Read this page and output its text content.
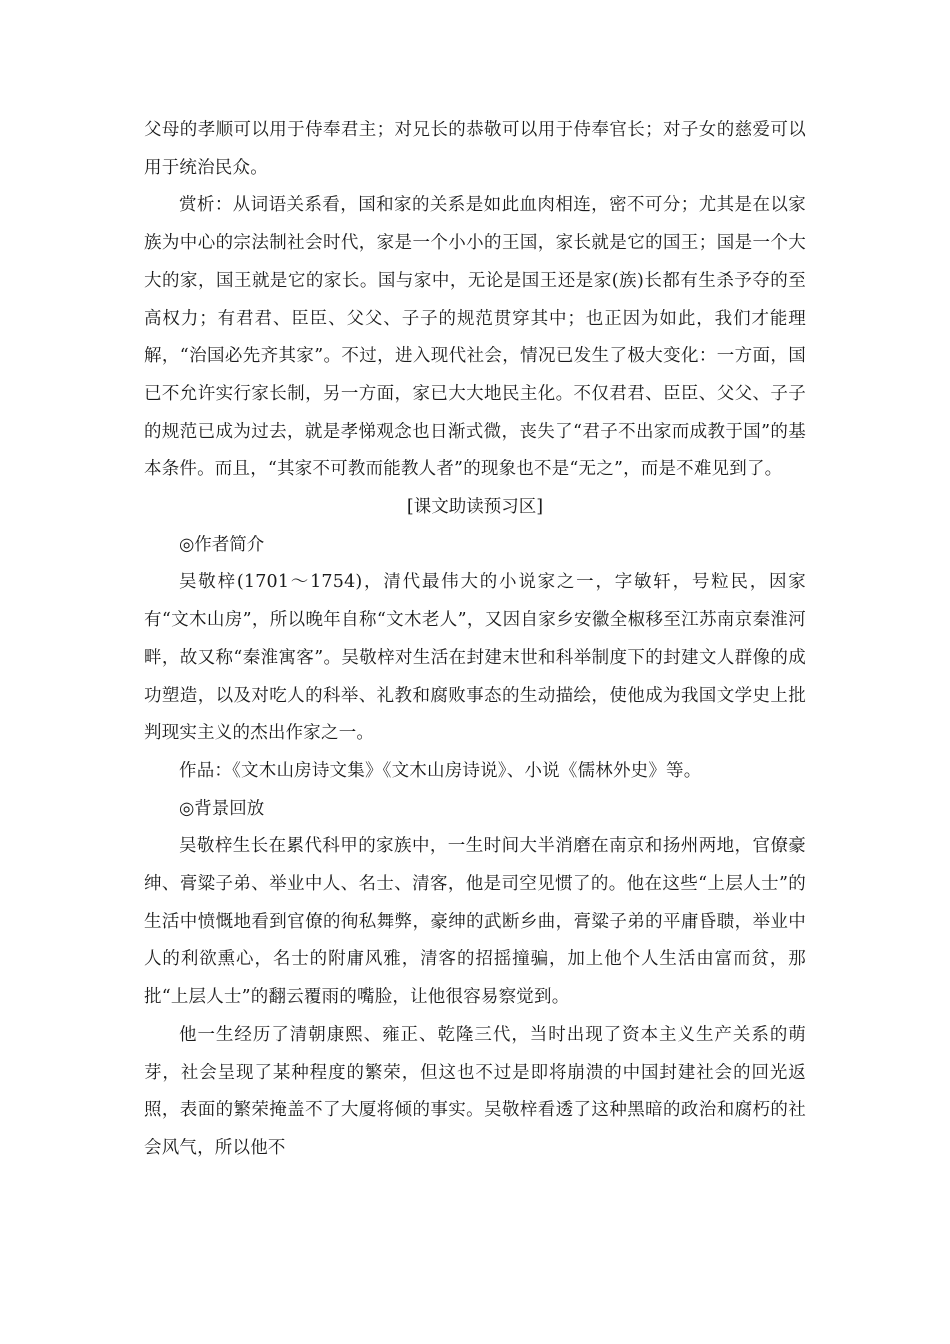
父母的孝顺可以用于侍奉君主；对兄长的恭敬可以用于侍奉官长；对子女的慈爱可以用于统治民众。

赏析：从词语关系看，国和家的关系是如此血肉相连，密不可分；尤其是在以家族为中心的宗法制社会时代，家是一个小小的王国，家长就是它的国王；国是一个大大的家，国王就是它的家长。国与家中，无论是国王还是家(族)长都有生杀予夺的至高权力；有君君、臣臣、父父、子子的规范贯穿其中；也正因为如此，我们才能理解，“治国必先齐其家”。不过，进入现代社会，情况已发生了极大变化：一方面，国已不允许实行家长制，另一方面，家已大大地民主化。不仅君君、臣臣、父父、子子的规范已成为过去，就是孝悌观念也日渐式微，丧失了“君子不出家而成教于国”的基本条件。而且，“其家不可教而能教人者”的现象也不是“无之”，而是不难见到了。

[课文助读预习区]

◎作者简介

吴敬梓(1701～1754)，清代最伟大的小说家之一，字敏轩，号粒民，因家有“文木山房”，所以晚年自称“文木老人”，又因自家乡安徽全椒移至江苏南京秦淮河畔，故又称“秦淮寓客”。吴敬梓对生活在封建末世和科举制度下的封建文人群像的成功塑造，以及对吃人的科举、礼教和腐败事态的生动描绘，使他成为我国文学史上批判现实主义的杰出作家之一。

作品：《文木山房诗文集》《文木山房诗说》、小说《儒林外史》等。

◎背景回放

吴敬梓生长在累代科甲的家族中，一生时间大半消磨在南京和扬州两地，官僚豪绅、膏粱子弟、举业中人、名士、清客，他是司空见惯了的。他在这些“上层人士”的生活中愤慨地看到官僚的徇私舞弊，豪绅的武断乡曲，膏粱子弟的平庸昏聩，举业中人的利欲熏心，名士的附庸风雅，清客的招摇撞骗，加上他个人生活由富而贫，那批“上层人士”的翻云覆雨的嘴脸，让他很容易察觉到。

他一生经历了清朝康熙、雍正、乾隆三代，当时出现了资本主义生产关系的萌芽，社会呈现了某种程度的繁荣，但这也不过是即将崩溃的中国封建社会的回光返照，表面的繁荣掩盖不了大厦将倾的事实。吴敬梓看透了这种黑暗的政治和腐朽的社会风气，所以他不
